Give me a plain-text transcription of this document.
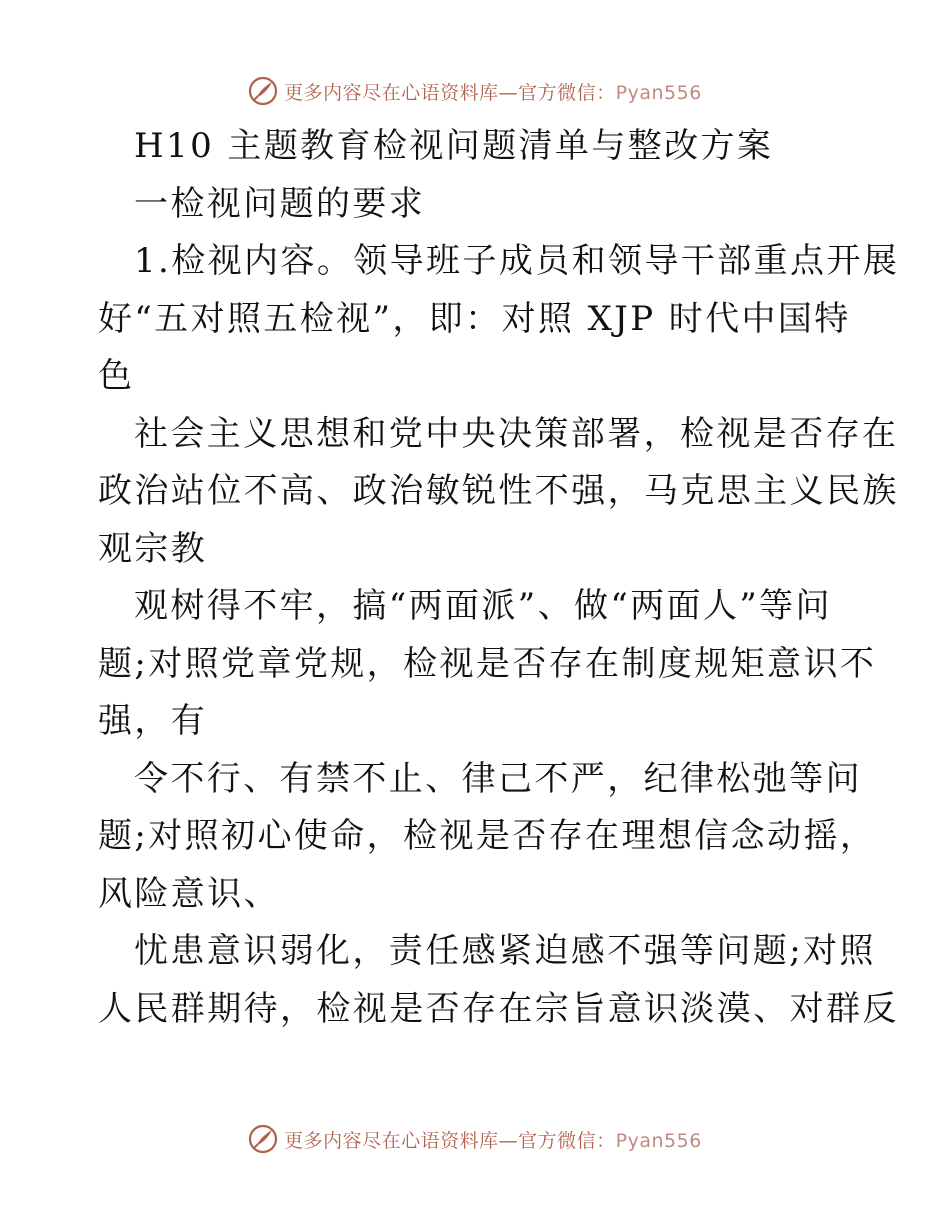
更多内容尽在心语资料库—官方微信：Pyan556
H10 主题教育检视问题清单与整改方案
一检视问题的要求
1.检视内容。领导班子成员和领导干部重点开展
好“五对照五检视”，即：对照 XJP 时代中国特
色
社会主义思想和党中央决策部署，检视是否存在
政治站位不高、政治敏锐性不强，马克思主义民族
观宗教
观树得不牢，搞“两面派”、做“两面人”等问
题;对照党章党规，检视是否存在制度规矩意识不
强，有
令不行、有禁不止、律己不严，纪律松弛等问
题;对照初心使命，检视是否存在理想信念动摇，
风险意识、
忧患意识弱化，责任感紧迫感不强等问题;对照
人民群期待，检视是否存在宗旨意识淡漠、对群反
更多内容尽在心语资料库—官方微信：Pyan556
